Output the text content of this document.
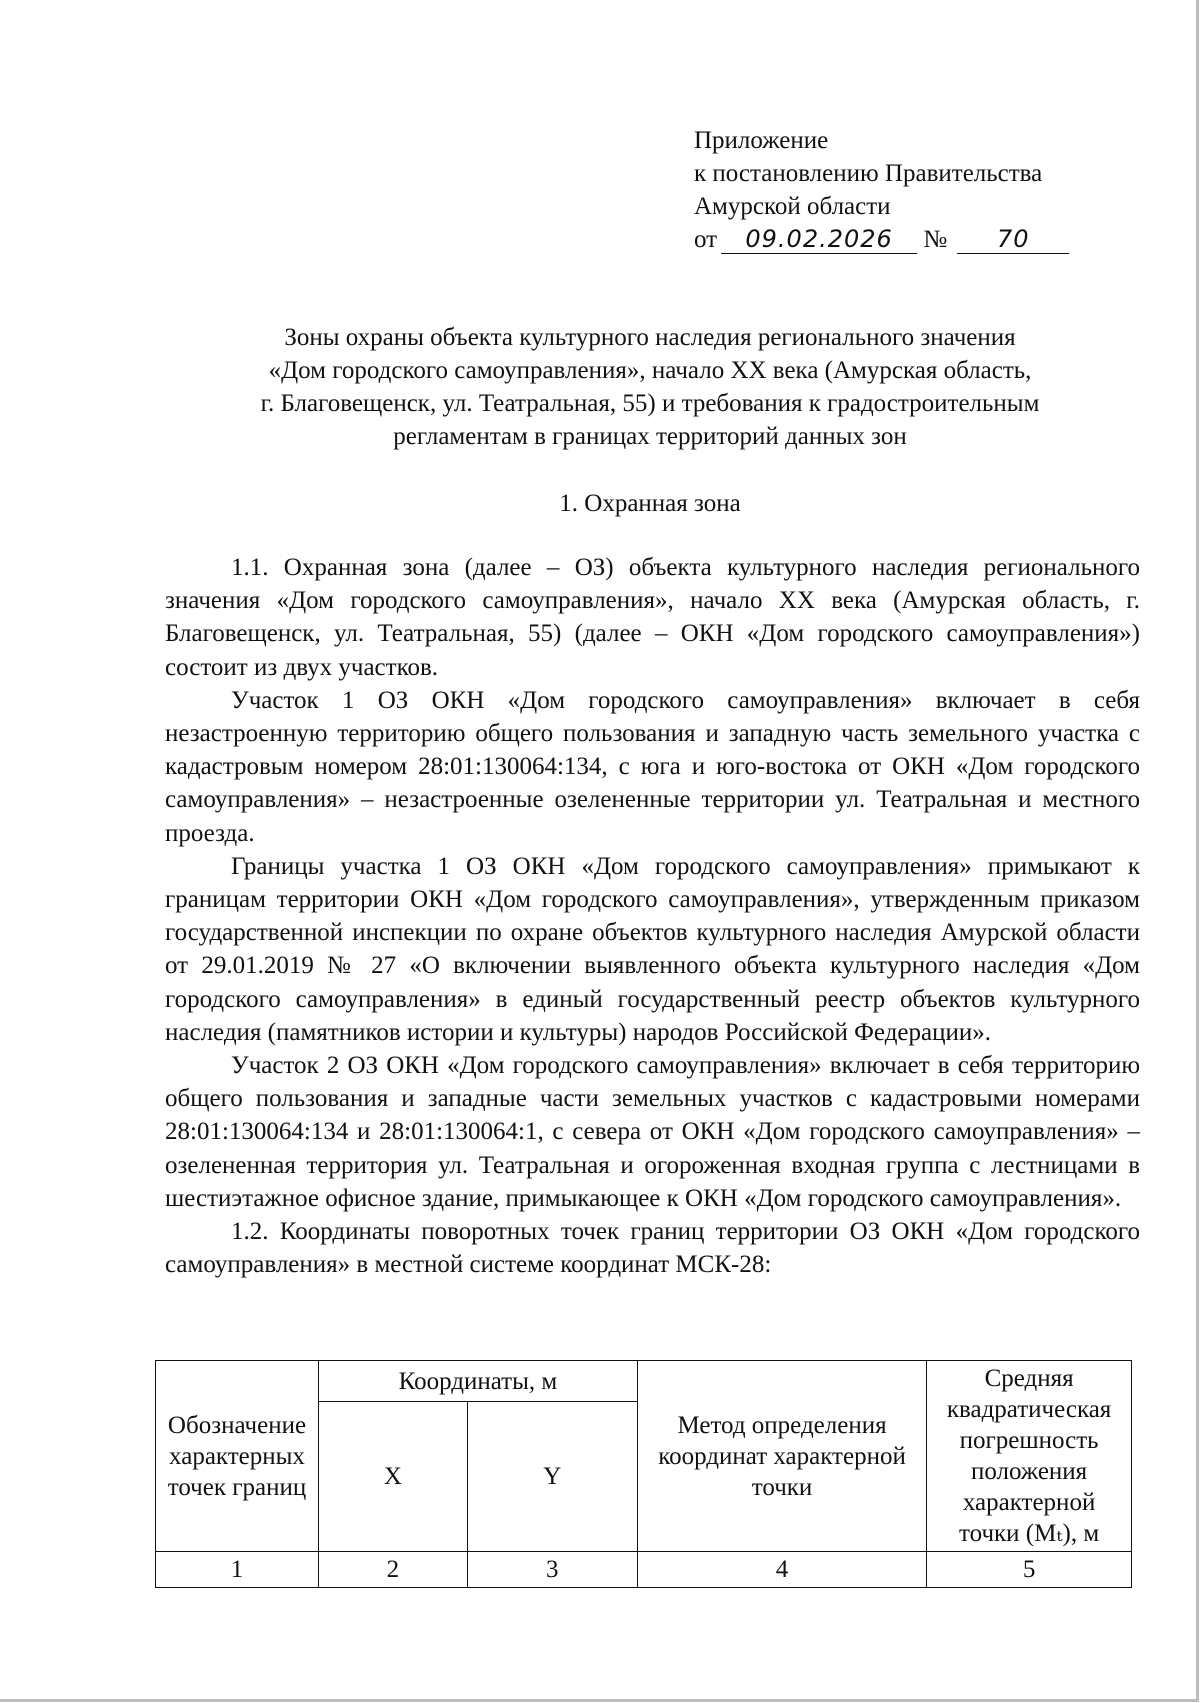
Приложение
к постановлению Правительства
Амурской области
от 09.02.2026 № 70
Зоны охраны объекта культурного наследия регионального значения
«Дом городского самоуправления», начало XX века (Амурская область,
г. Благовещенск, ул. Театральная, 55) и требования к градостроительным
регламентам в границах территорий данных зон
1. Охранная зона

1.1. Охранная зона (далее – ОЗ) объекта культурного наследия регионального значения «Дом городского самоуправления», начало XX века (Амурская область, г. Благовещенск, ул. Театральная, 55) (далее – ОКН «Дом городского самоуправления») состоит из двух участков.

Участок 1 ОЗ ОКН «Дом городского самоуправления» включает в себя незастроенную территорию общего пользования и западную часть земельного участка с кадастровым номером 28:01:130064:134, с юга и юго-востока от ОКН «Дом городского самоуправления» – незастроенные озелененные территории ул. Театральная и местного проезда.

Границы участка 1 ОЗ ОКН «Дом городского самоуправления» примыкают к границам территории ОКН «Дом городского самоуправления», утвержденным приказом государственной инспекции по охране объектов культурного наследия Амурской области от 29.01.2019 № 27 «О включении выявленного объекта культурного наследия «Дом городского самоуправления» в единый государственный реестр объектов культурного наследия (памятников истории и культуры) народов Российской Федерации».

Участок 2 ОЗ ОКН «Дом городского самоуправления» включает в себя территорию общего пользования и западные части земельных участков с кадастровыми номерами 28:01:130064:134 и 28:01:130064:1, с севера от ОКН «Дом городского самоуправления» – озелененная территория ул. Театральная и огороженная входная группа с лестницами в шестиэтажное офисное здание, примыкающее к ОКН «Дом городского самоуправления».

1.2. Координаты поворотных точек границ территории ОЗ ОКН «Дом городского самоуправления» в местной системе координат МСК-28:

Обозначение характерных точек границ	Координаты, м		Метод определения координат характерной точки	Средняя квадратическая погрешность положения характерной точки (Mₜ), м
	X	Y		
1	2	3	4	5
